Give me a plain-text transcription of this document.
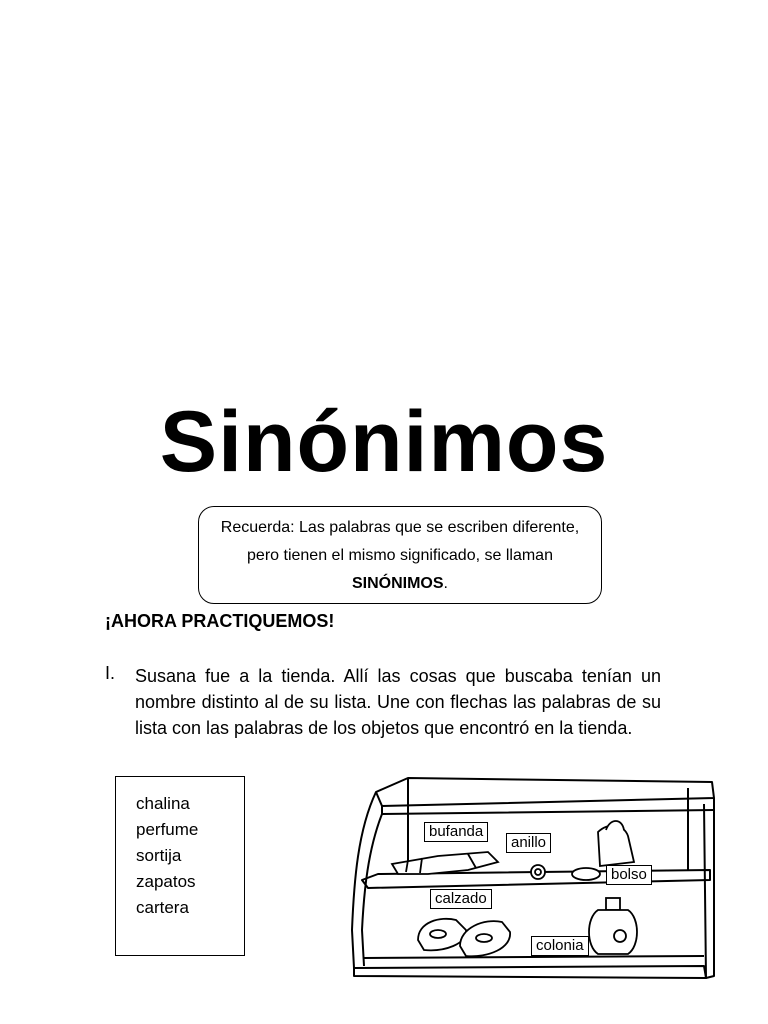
Sinónimos
Recuerda: Las palabras que se escriben diferente,
pero tienen el mismo significado, se llaman
SINÓNIMOS.
¡AHORA PRACTIQUEMOS!
I. Susana fue a la tienda. Allí las cosas que buscaba tenían un nombre distinto al de su lista. Une con flechas las palabras de su lista con las palabras de los objetos que encontró en la tienda.
chalina
perfume
sortija
zapatos
cartera
bufanda
anillo
bolso
calzado
colonia
